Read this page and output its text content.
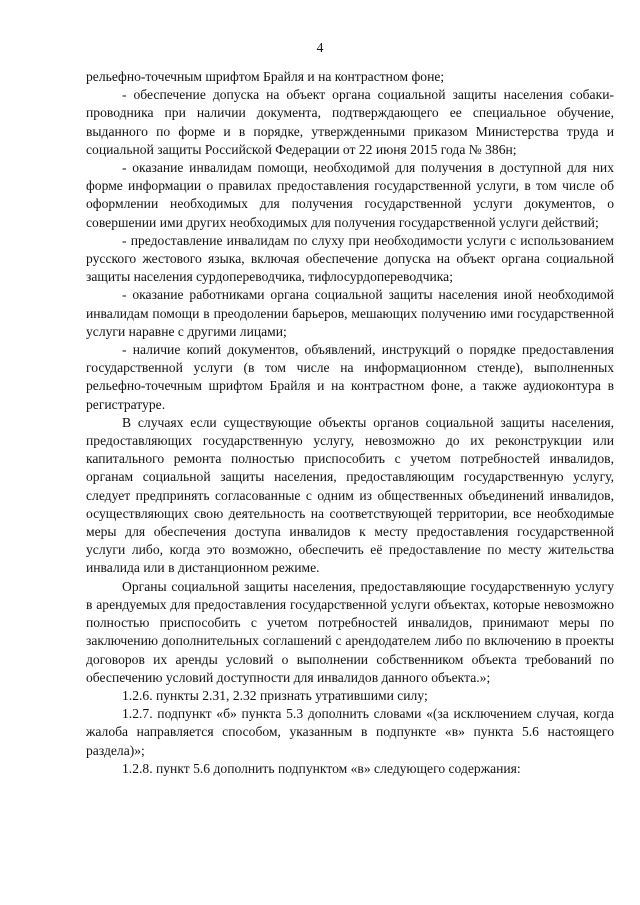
4

рельефно-точечным шрифтом Брайля и на контрастном фоне;

- обеспечение допуска на объект органа социальной защиты населения собаки-проводника при наличии документа, подтверждающего ее специальное обучение, выданного по форме и в порядке, утвержденными приказом Министерства труда и социальной защиты Российской Федерации от 22 июня 2015 года № 386н;

- оказание инвалидам помощи, необходимой для получения в доступной для них форме информации о правилах предоставления государственной услуги, в том числе об оформлении необходимых для получения государственной услуги документов, о совершении ими других необходимых для получения государственной услуги действий;

- предоставление инвалидам по слуху при необходимости услуги с использованием русского жестового языка, включая обеспечение допуска на объект органа социальной защиты населения сурдопереводчика, тифлосурдопереводчика;

- оказание работниками органа социальной защиты населения иной необходимой инвалидам помощи в преодолении барьеров, мешающих получению ими государственной услуги наравне с другими лицами;

- наличие копий документов, объявлений, инструкций о порядке предоставления государственной услуги (в том числе на информационном стенде), выполненных рельефно-точечным шрифтом Брайля и на контрастном фоне, а также аудиоконтура в регистратуре.

В случаях если существующие объекты органов социальной защиты населения, предоставляющих государственную услугу, невозможно до их реконструкции или капитального ремонта полностью приспособить с учетом потребностей инвалидов, органам социальной защиты населения, предоставляющим государственную услугу, следует предпринять согласованные с одним из общественных объединений инвалидов, осуществляющих свою деятельность на соответствующей территории, все необходимые меры для обеспечения доступа инвалидов к месту предоставления государственной услуги либо, когда это возможно, обеспечить её предоставление по месту жительства инвалида или в дистанционном режиме.

Органы социальной защиты населения, предоставляющие государственную услугу в арендуемых для предоставления государственной услуги объектах, которые невозможно полностью приспособить с учетом потребностей инвалидов, принимают меры по заключению дополнительных соглашений с арендодателем либо по включению в проекты договоров их аренды условий о выполнении собственником объекта требований по обеспечению условий доступности для инвалидов данного объекта.»;

1.2.6. пункты 2.31, 2.32 признать утратившими силу;

1.2.7. подпункт «б» пункта 5.3 дополнить словами «(за исключением случая, когда жалоба направляется способом, указанным в подпункте «в» пункта 5.6 настоящего раздела)»;

1.2.8. пункт 5.6 дополнить подпунктом «в» следующего содержания:
